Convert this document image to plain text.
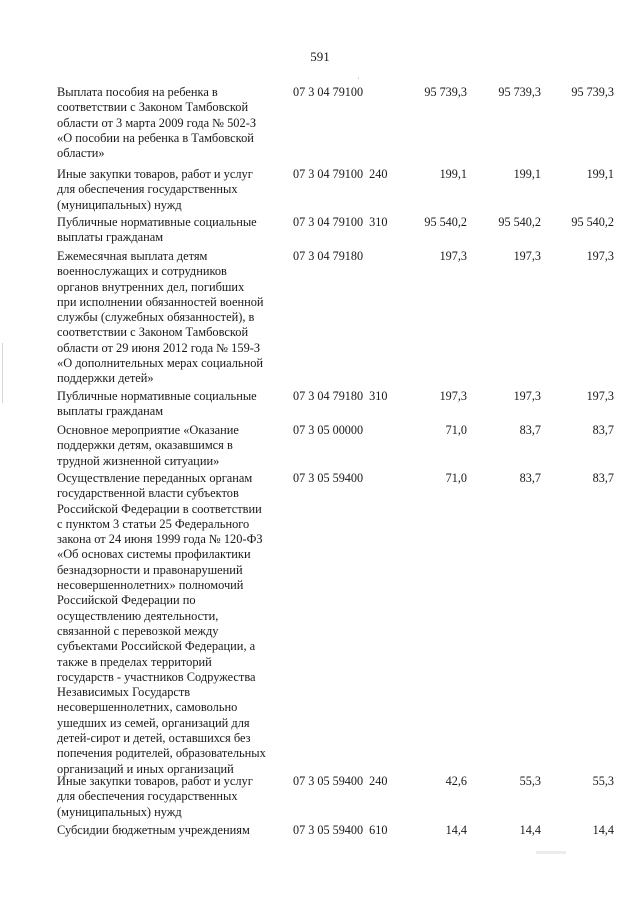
591
·
Выплата пособия на ребенка в
соответствии с Законом Тамбовской
области от 3 марта 2009 года № 502-З
«О пособии на ребенка в Тамбовской
области»
07 3 04 79100	95 739,3	95 739,3	95 739,3
Иные закупки товаров, работ и услуг
для обеспечения государственных
(муниципальных) нужд
07 3 04 79100  240	199,1	199,1	199,1
Публичные нормативные социальные
выплаты гражданам
07 3 04 79100  310	95 540,2	95 540,2	95 540,2
Ежемесячная выплата детям
военнослужащих и сотрудников
органов внутренних дел, погибших
при исполнении обязанностей военной
службы (служебных обязанностей), в
соответствии с Законом Тамбовской
области от 29 июня 2012 года № 159-З
«О дополнительных мерах социальной
поддержки детей»
07 3 04 79180	197,3	197,3	197,3
Публичные нормативные социальные
выплаты гражданам
07 3 04 79180  310	197,3	197,3	197,3
Основное мероприятие «Оказание
поддержки детям, оказавшимся в
трудной жизненной ситуации»
07 3 05 00000	71,0	83,7	83,7
Осуществление переданных органам
государственной власти субъектов
Российской Федерации в соответствии
с пунктом 3 статьи 25 Федерального
закона от 24 июня 1999 года № 120-ФЗ
«Об основах системы профилактики
безнадзорности и правонарушений
несовершеннолетних» полномочий
Российской Федерации по
осуществлению деятельности,
связанной с перевозкой между
субъектами Российской Федерации, а
также в пределах территорий
государств - участников Содружества
Независимых Государств
несовершеннолетних, самовольно
ушедших из семей, организаций для
детей-сирот и детей, оставшихся без
попечения родителей, образовательных
организаций и иных организаций
07 3 05 59400	71,0	83,7	83,7
Иные закупки товаров, работ и услуг
для обеспечения государственных
(муниципальных) нужд
07 3 05 59400  240	42,6	55,3	55,3
Субсидии бюджетным учреждениям	07 3 05 59400  610	14,4	14,4	14,4
